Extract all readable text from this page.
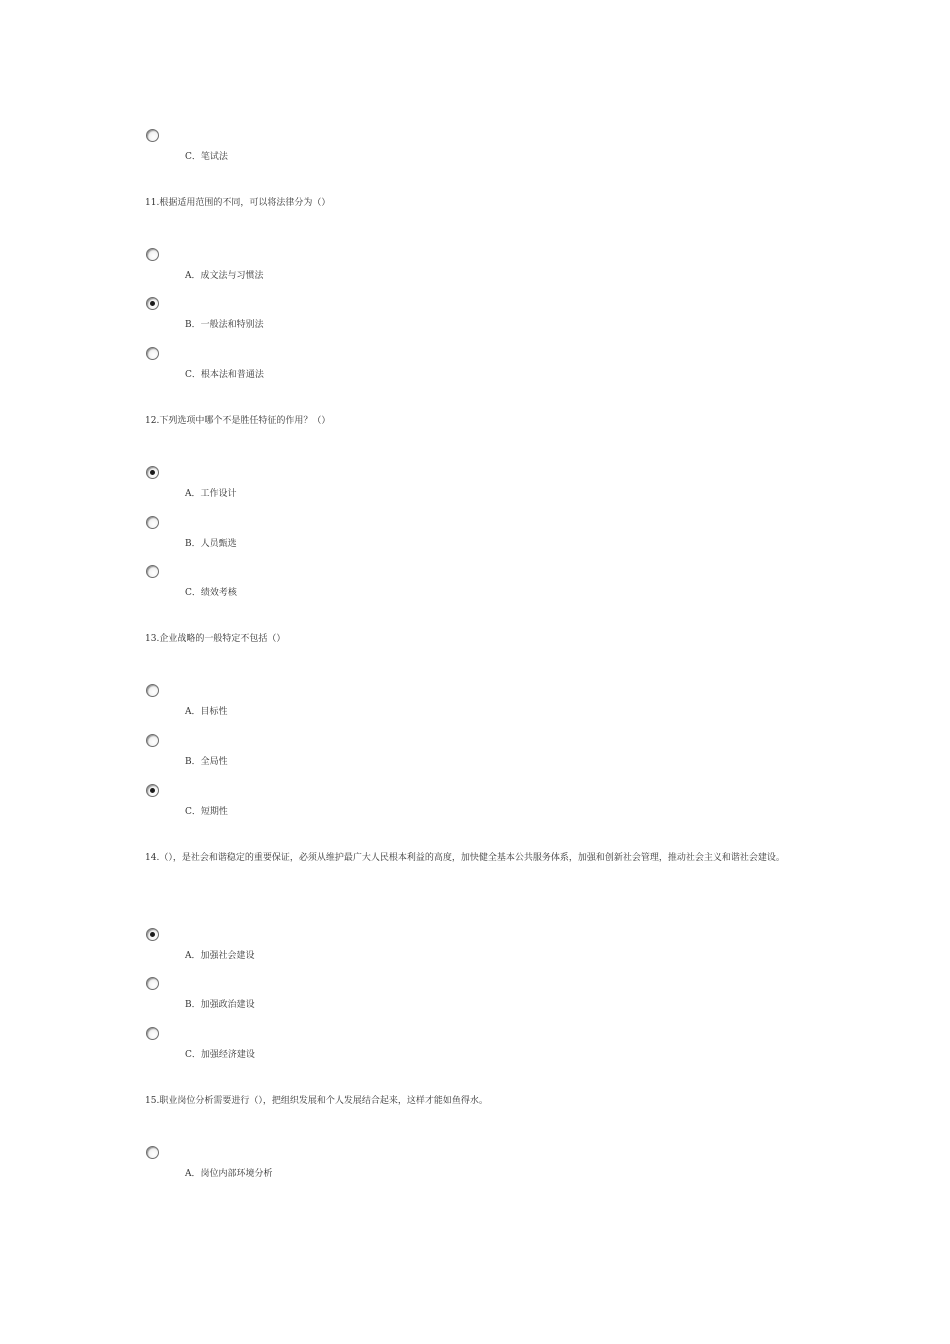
C．笔试法
11.根据适用范围的不同，可以将法律分为（）
A．成文法与习惯法
B．一般法和特别法
C．根本法和普通法
12.下列选项中哪个不是胜任特征的作用？（）
A．工作设计
B．人员甄选
C．绩效考核
13.企业战略的一般特定不包括（）
A．目标性
B．全局性
C．短期性
14.（），是社会和谐稳定的重要保证，必须从维护最广大人民根本利益的高度，加快健全基本公共服务体系，加强和创新社会管理，推动社会主义和谐社会建设。
A．加强社会建设
B．加强政治建设
C．加强经济建设
15.职业岗位分析需要进行（），把组织发展和个人发展结合起来，这样才能如鱼得水。
A．岗位内部环境分析
